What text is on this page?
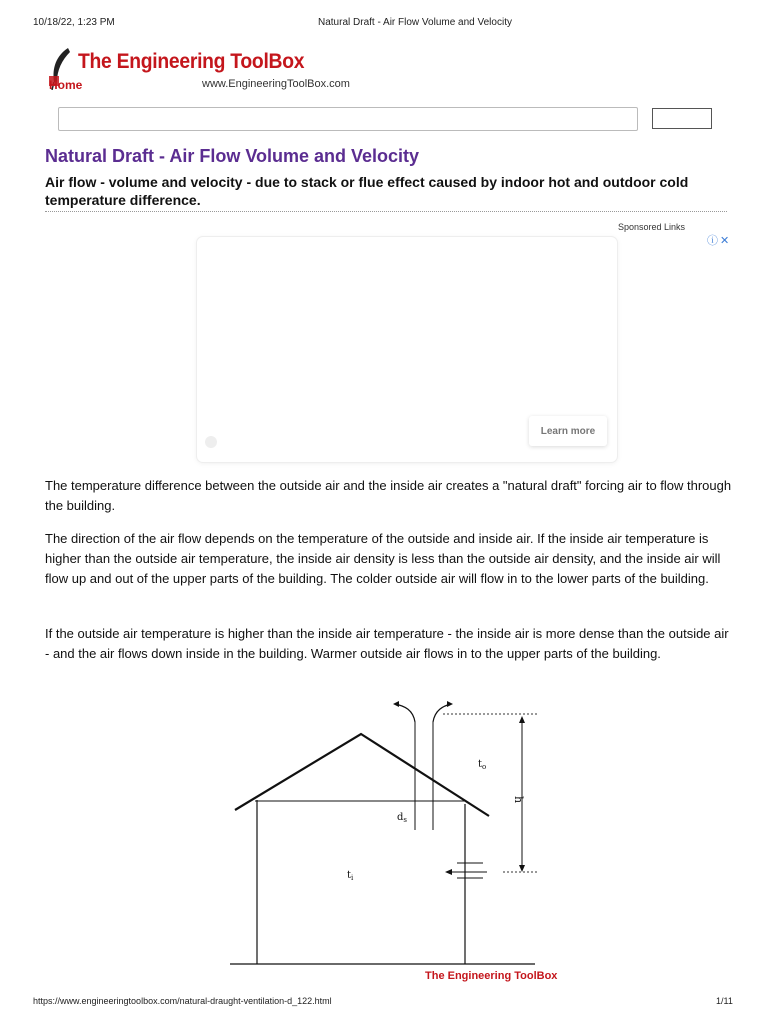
10/18/22, 1:23 PM	Natural Draft - Air Flow Volume and Velocity
The Engineering ToolBox
Home	www.EngineeringToolBox.com
Natural Draft - Air Flow Volume and Velocity
Air flow - volume and velocity - due to stack or flue effect caused by indoor hot and outdoor cold temperature difference.
Sponsored Links
ⓘ✕
Learn more
The temperature difference between the outside air and the inside air creates a "natural draft" forcing air to flow through the building.
The direction of the air flow depends on the temperature of the outside and inside air. If the inside air temperature is higher than the outside air temperature, the inside air density is less than the outside air density, and the inside air will flow up and out of the upper parts of the building. The colder outside air will flow in to the lower parts of the building.
If the outside air temperature is higher than the inside air temperature - the inside air is more dense than the outside air - and the air flows down inside in the building. Warmer outside air flows in to the upper parts of the building.
$t_o$
h
$d_s$
$t_i$
The Engineering ToolBox
https://www.engineeringtoolbox.com/natural-draught-ventilation-d_122.html	1/11
